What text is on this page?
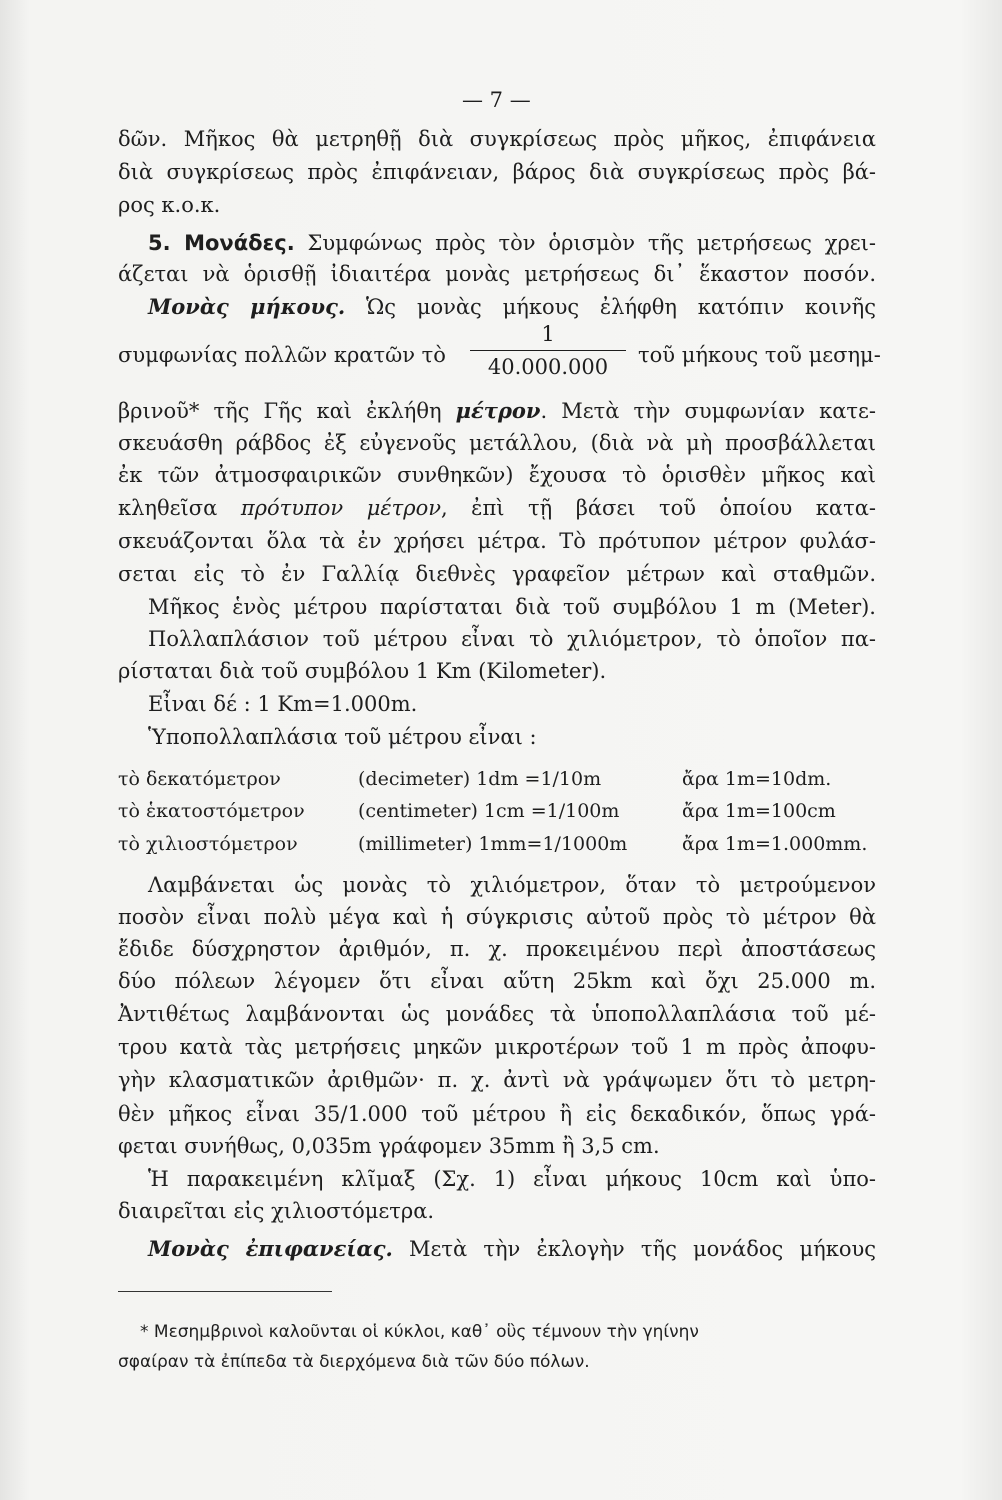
— 7 —
δῶν. Μῆκος θὰ μετρηθῇ διὰ συγκρίσεως πρὸς μῆκος, ἐπιφάνεια
διὰ συγκρίσεως πρὸς ἐπιφάνειαν, βάρος διὰ συγκρίσεως πρὸς βά-
ρος κ.ο.κ.
5. Μονάδες. Συμφώνως πρὸς τὸν ὁρισμὸν τῆς μετρήσεως χρει-
άζεται νὰ ὁρισθῇ ἰδιαιτέρα μονὰς μετρήσεως δι᾿ ἕκαστον ποσόν.
Μονὰς μήκους. Ὡς μονὰς μήκους ἐλήφθη κατόπιν κοινῆς
συμφωνίας πολλῶν κρατῶν τὸ
1
40.000.000	τοῦ μήκους τοῦ μεσημ-
βρινοῦ* τῆς Γῆς καὶ ἐκλήθη μέτρον. Μετὰ τὴν συμφωνίαν κατε-
σκευάσθη ράβδος ἐξ εὐγενοῦς μετάλλου, (διὰ νὰ μὴ προσβάλλεται
ἐκ τῶν ἀτμοσφαιρικῶν συνθηκῶν) ἔχουσα τὸ ὁρισθὲν μῆκος καὶ
κληθεῖσα πρότυπον μέτρον, ἐπὶ τῇ βάσει τοῦ ὁποίου κατα-
σκευάζονται ὅλα τὰ ἐν χρήσει μέτρα. Τὸ πρότυπον μέτρον φυλάσ-
σεται εἰς τὸ ἐν Γαλλίᾳ διεθνὲς γραφεῖον μέτρων καὶ σταθμῶν.
Μῆκος ἑνὸς μέτρου παρίσταται διὰ τοῦ συμβόλου 1 m (Meter).
Πολλαπλάσιον τοῦ μέτρου εἶναι τὸ χιλιόμετρον, τὸ ὁποῖον πα-
ρίσταται διὰ τοῦ συμβόλου 1 Km (Kilometer).
Εἶναι δέ : 1 Km=1.000m.
Ὑποπολλαπλάσια τοῦ μέτρου εἶναι :
τὸ δεκατόμετρον	(decimeter) 1dm =1/10m	ἄρα 1m=10dm.
τὸ ἑκατοστόμετρον	(centimeter) 1cm =1/100m	ἄρα 1m=100cm
τὸ χιλιοστόμετρον	(millimeter) 1mm=1/1000m	ἄρα 1m=1.000mm.
Λαμβάνεται ὡς μονὰς τὸ χιλιόμετρον, ὅταν τὸ μετρούμενον
ποσὸν εἶναι πολὺ μέγα καὶ ἡ σύγκρισις αὐτοῦ πρὸς τὸ μέτρον θὰ
ἔδιδε δύσχρηστον ἀριθμόν, π. χ. προκειμένου περὶ ἀποστάσεως
δύο πόλεων λέγομεν ὅτι εἶναι αὕτη 25km καὶ ὄχι 25.000 m.
Ἀντιθέτως λαμβάνονται ὡς μονάδες τὰ ὑποπολλαπλάσια τοῦ μέ-
τρου κατὰ τὰς μετρήσεις μηκῶν μικροτέρων τοῦ 1 m πρὸς ἀποφυ-
γὴν κλασματικῶν ἀριθμῶν· π. χ. ἀντὶ νὰ γράψωμεν ὅτι τὸ μετρη-
θὲν μῆκος εἶναι 35/1.000 τοῦ μέτρου ἢ εἰς δεκαδικόν, ὅπως γρά-
φεται συνήθως, 0,035m γράφομεν 35mm ἢ 3,5 cm.
Ἡ παρακειμένη κλῖμαξ (Σχ. 1) εἶναι μήκους 10cm καὶ ὑπο-
διαιρεῖται εἰς χιλιοστόμετρα.
Μονὰς ἐπιφανείας. Μετὰ τὴν ἐκλογὴν τῆς μονάδος μήκους
* Μεσημβρινοὶ καλοῦνται οἱ κύκλοι, καθ᾿ οὓς τέμνουν τὴν γηίνην
σφαίραν τὰ ἐπίπεδα τὰ διερχόμενα διὰ τῶν δύο πόλων.
